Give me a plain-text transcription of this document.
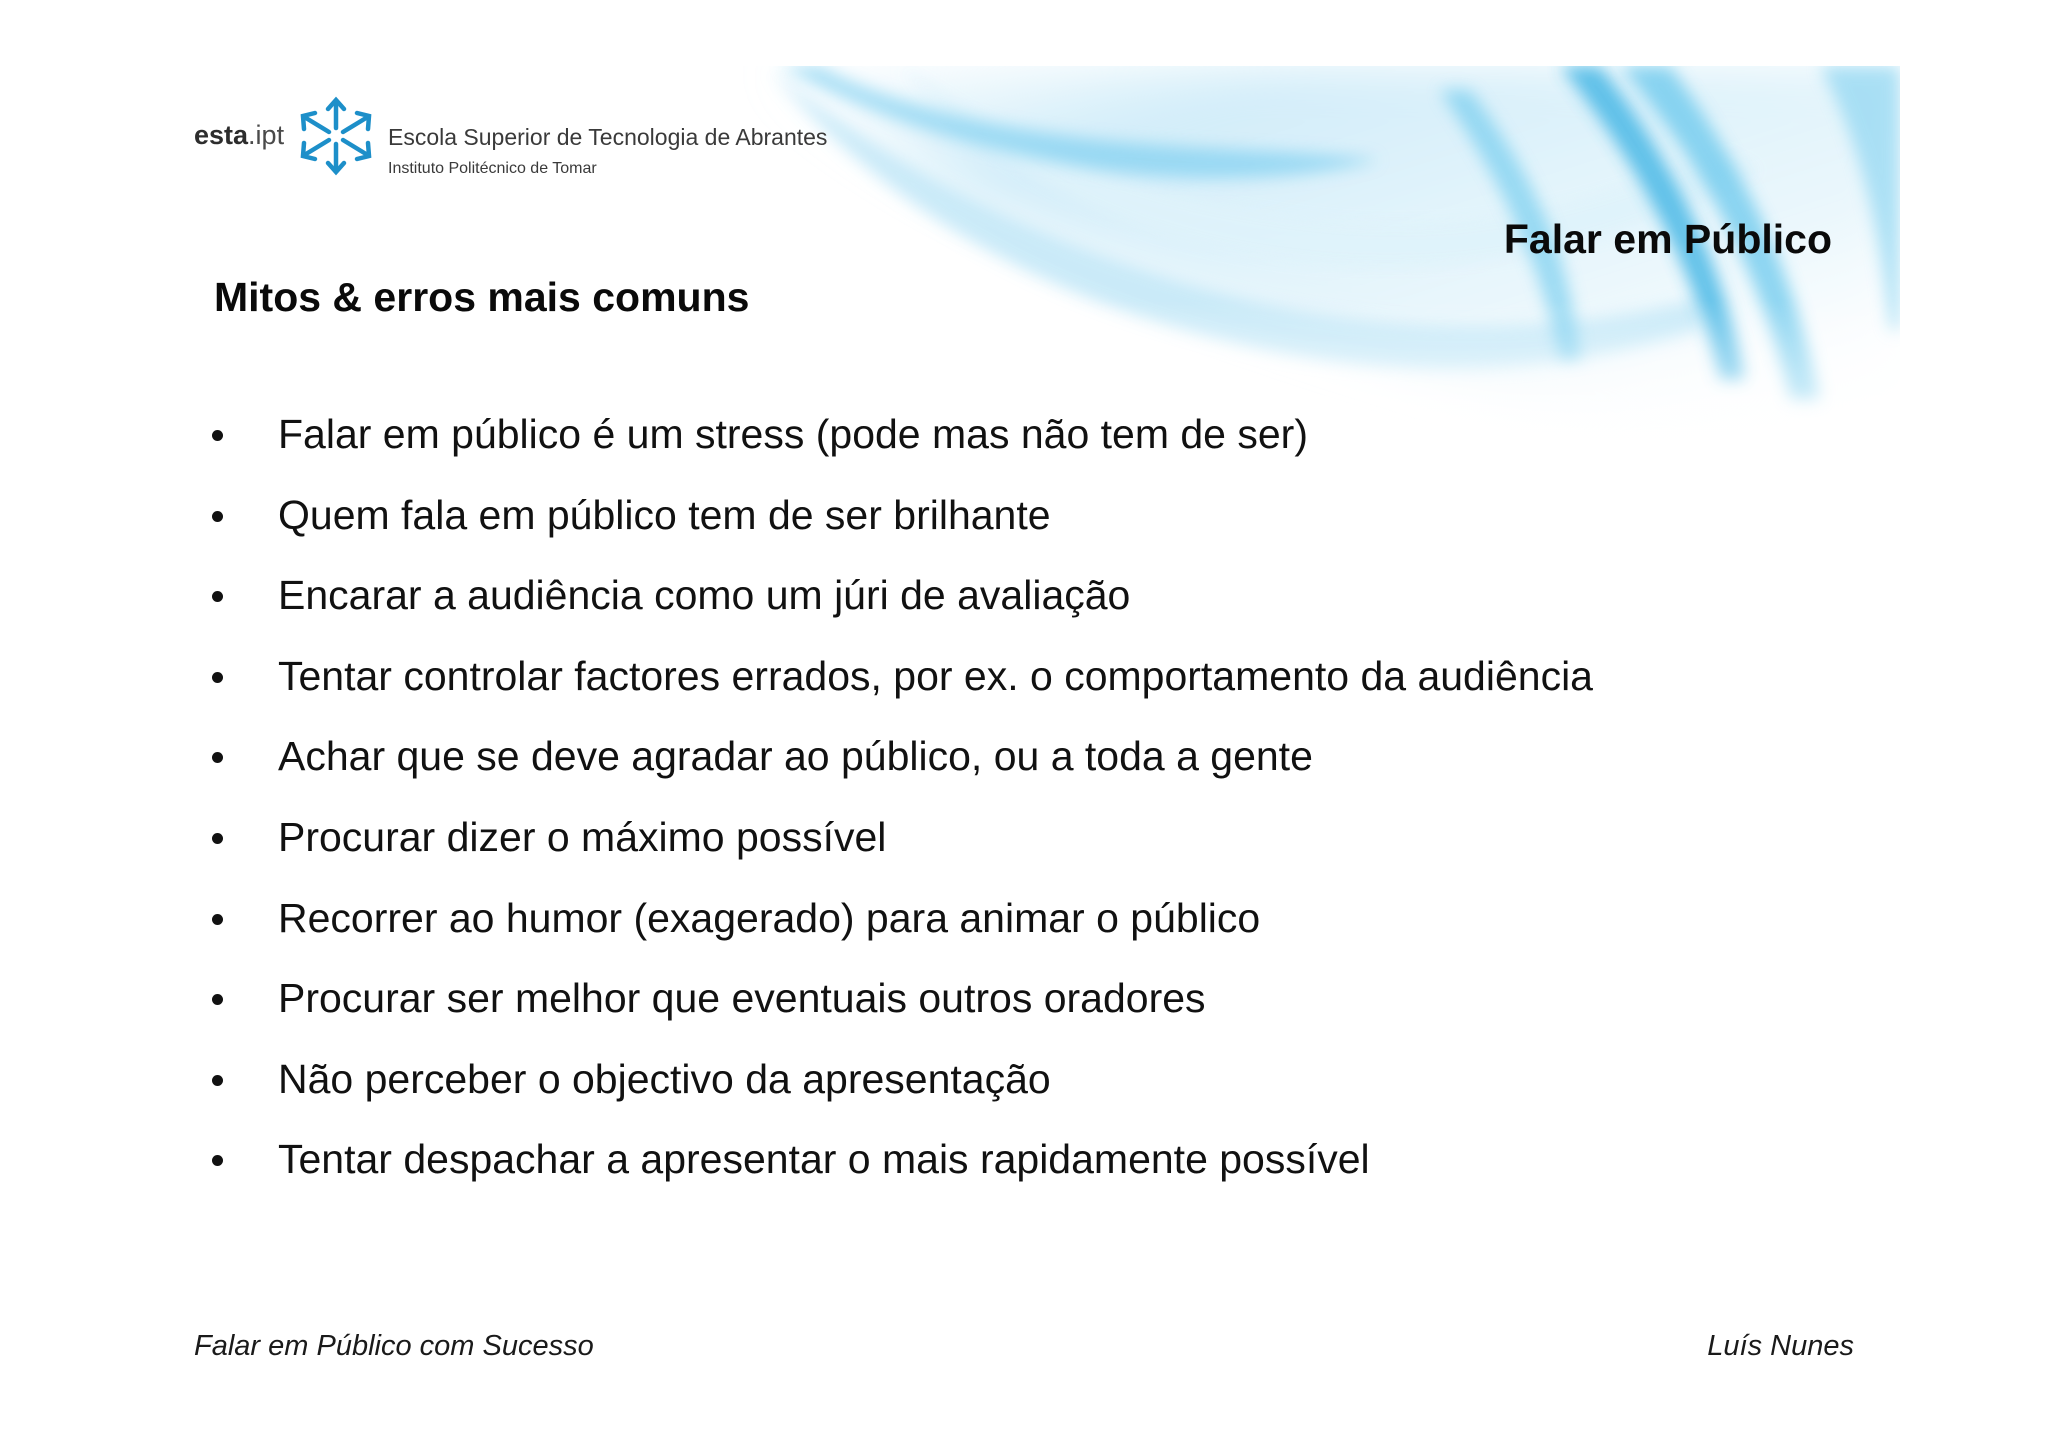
esta.ipt	Escola Superior de Tecnologia de Abrantes
Instituto Politécnico de Tomar
Falar em Público
Mitos & erros mais comuns
Falar em público é um stress (pode mas não tem de ser)
Quem fala em público tem de ser brilhante
Encarar a audiência como um júri de avaliação
Tentar controlar factores errados, por ex. o comportamento da audiência
Achar que se deve agradar ao público, ou a toda a gente
Procurar dizer o máximo possível
Recorrer ao humor (exagerado) para animar o público
Procurar ser melhor que eventuais outros oradores
Não perceber o objectivo da apresentação
Tentar despachar a apresentar o mais rapidamente possível
Falar em Público com Sucesso	Luís Nunes
